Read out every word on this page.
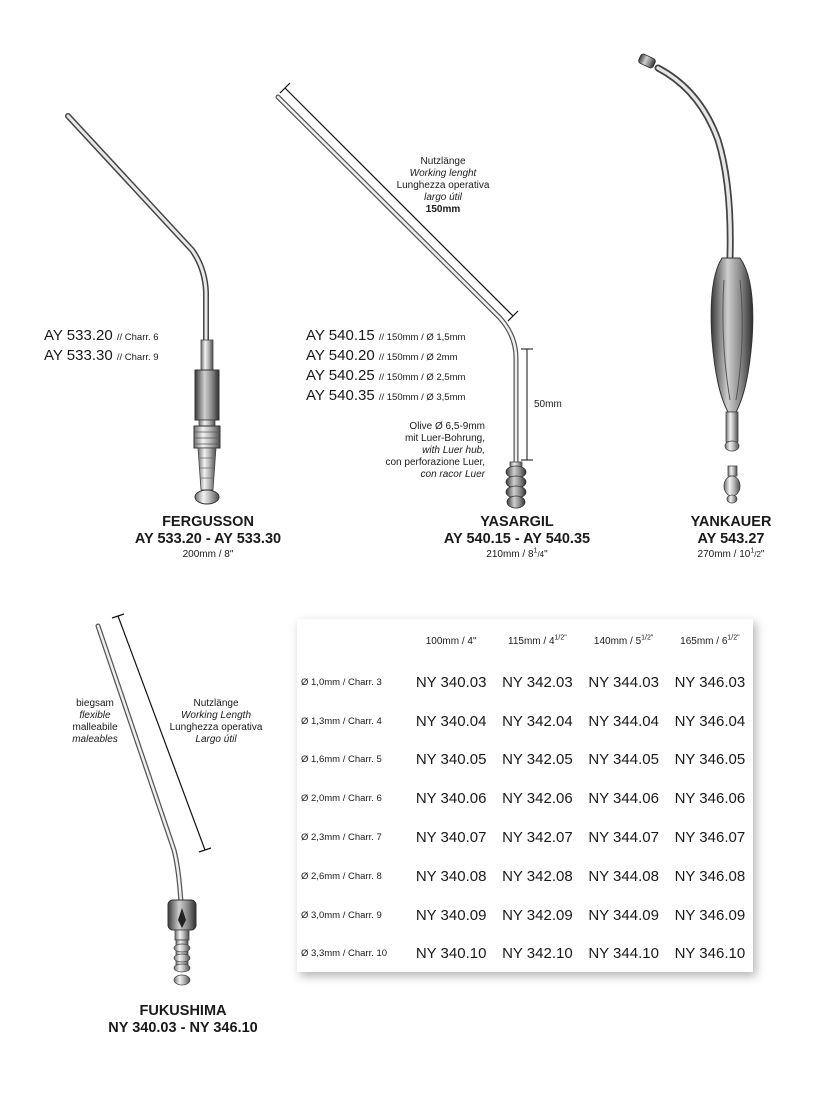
AY 533.20 // Charr. 6
AY 533.30 // Charr. 9
FERGUSSON
AY 533.20 - AY 533.30
200mm / 8"
Nutzlänge
Working lenght
Lunghezza operativa
largo útil
150mm
AY 540.15 // 150mm / Ø 1,5mm
AY 540.20 // 150mm / Ø 2mm
AY 540.25 // 150mm / Ø 2,5mm
AY 540.35 // 150mm / Ø 3,5mm
50mm
Olive Ø 6,5-9mm
mit Luer-Bohrung,
with Luer hub,
con perforazione Luer,
con racor Luer
YASARGIL
AY 540.15 - AY 540.35
$210mm / 8^1/4$"
YANKAUER
AY 543.27
$270mm / 10^1/2$"
biegsam
flexible
malleabile
maleables
Nutzlänge
Working Length
Lunghezza operativa
Largo útil
FUKUSHIMA
NY 340.03 - NY 346.10
	100mm / 4"	$115mm / 4^{1/2"}$	$140mm / 5^{1/2"}$	$165mm / 6^{1/2"}$
Ø 1,0mm / Charr. 3	NY 340.03	NY 342.03	NY 344.03	NY 346.03
Ø 1,3mm / Charr. 4	NY 340.04	NY 342.04	NY 344.04	NY 346.04
Ø 1,6mm / Charr. 5	NY 340.05	NY 342.05	NY 344.05	NY 346.05
Ø 2,0mm / Charr. 6	NY 340.06	NY 342.06	NY 344.06	NY 346.06
Ø 2,3mm / Charr. 7	NY 340.07	NY 342.07	NY 344.07	NY 346.07
Ø 2,6mm / Charr. 8	NY 340.08	NY 342.08	NY 344.08	NY 346.08
Ø 3,0mm / Charr. 9	NY 340.09	NY 342.09	NY 344.09	NY 346.09
Ø 3,3mm / Charr. 10	NY 340.10	NY 342.10	NY 344.10	NY 346.10
